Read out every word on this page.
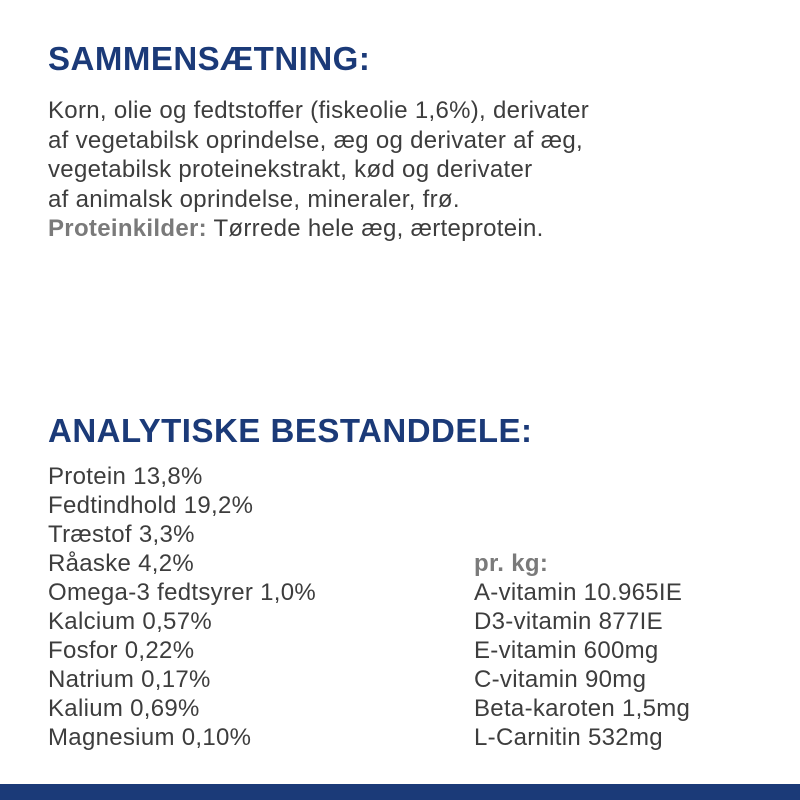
SAMMENSÆTNING:
Korn, olie og fedtstoffer (fiskeolie 1,6%), derivater
af vegetabilsk oprindelse, æg og derivater af æg,
vegetabilsk proteinekstrakt, kød og derivater
af animalsk oprindelse, mineraler, frø.
Proteinkilder: Tørrede hele æg, ærteprotein.
ANALYTISKE BESTANDDELE:
Protein 13,8%
Fedtindhold 19,2%
Træstof 3,3%
Råaske 4,2%
Omega-3 fedtsyrer 1,0%
Kalcium 0,57%
Fosfor 0,22%
Natrium 0,17%
Kalium 0,69%
Magnesium 0,10%
pr. kg:
A-vitamin 10.965IE
D3-vitamin 877IE
E-vitamin 600mg
C-vitamin 90mg
Beta-karoten 1,5mg
L-Carnitin 532mg
